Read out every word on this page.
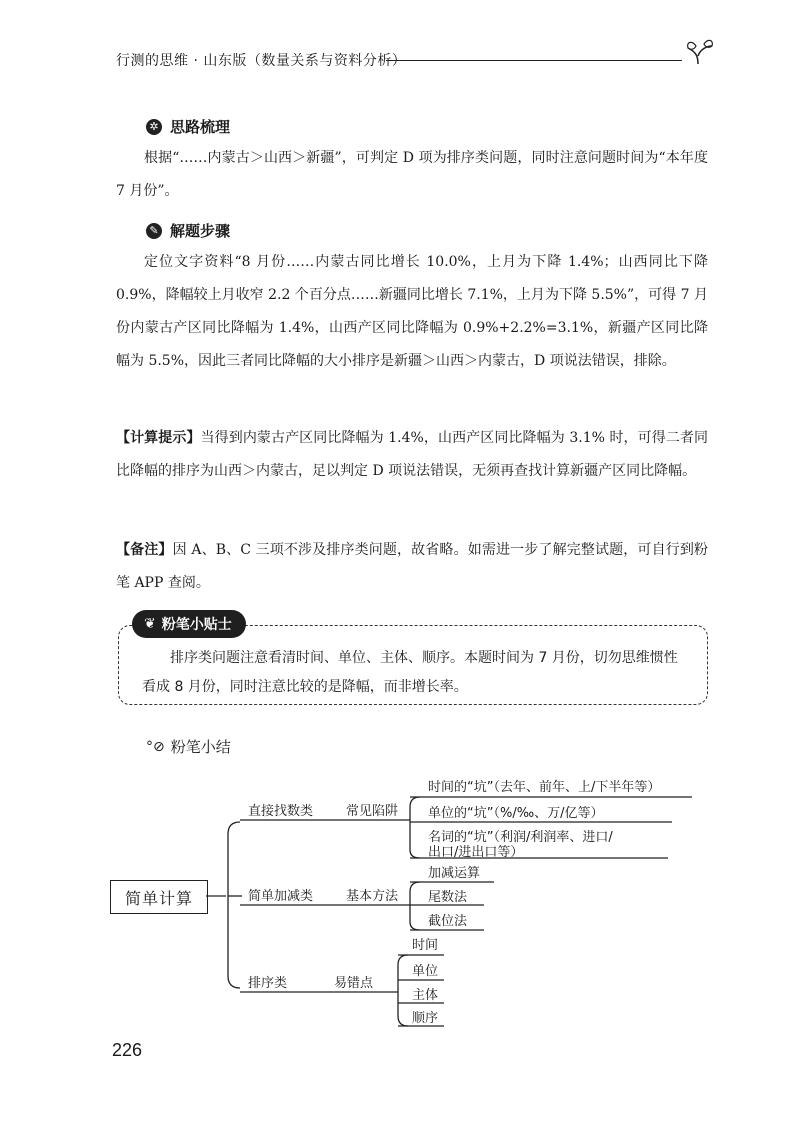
行测的思维 · 山东版（数量关系与资料分析）
✲ 思路梳理

根据“……内蒙古＞山西＞新疆”，可判定 D 项为排序类问题，同时注意问题时间为“本年度 7 月份”。

✎ 解题步骤

定位文字资料“8 月份……内蒙古同比增长 10.0%，上月为下降 1.4%；山西同比下降 0.9%，降幅较上月收窄 2.2 个百分点……新疆同比增长 7.1%，上月为下降 5.5%”，可得 7 月份内蒙古产区同比降幅为 1.4%，山西产区同比降幅为 0.9%+2.2%=3.1%，新疆产区同比降幅为 5.5%，因此三者同比降幅的大小排序是新疆＞山西＞内蒙古，D 项说法错误，排除。

【计算提示】当得到内蒙古产区同比降幅为 1.4%，山西产区同比降幅为 3.1% 时，可得二者同比降幅的排序为山西＞内蒙古，足以判定 D 项说法错误，无须再查找计算新疆产区同比降幅。

【备注】因 A、B、C 三项不涉及排序类问题，故省略。如需进一步了解完整试题，可自行到粉笔 APP 查阅。

❦ 粉笔小贴士

排序类问题注意看清时间、单位、主体、顺序。本题时间为 7 月份，切勿思维惯性看成 8 月份，同时注意比较的是降幅，而非增长率。

°⊘ 粉笔小结
简单计算
直接找数类	常见陷阱
时间的“坑”（去年、前年、上/下半年等）
单位的“坑”（%/‰、万/亿等）
名词的“坑”（利润/利润率、进口/
出口/进出口等）
简单加减类	基本方法
加减运算
尾数法
截位法
排序类	易错点
时间
单位
主体
顺序
226
